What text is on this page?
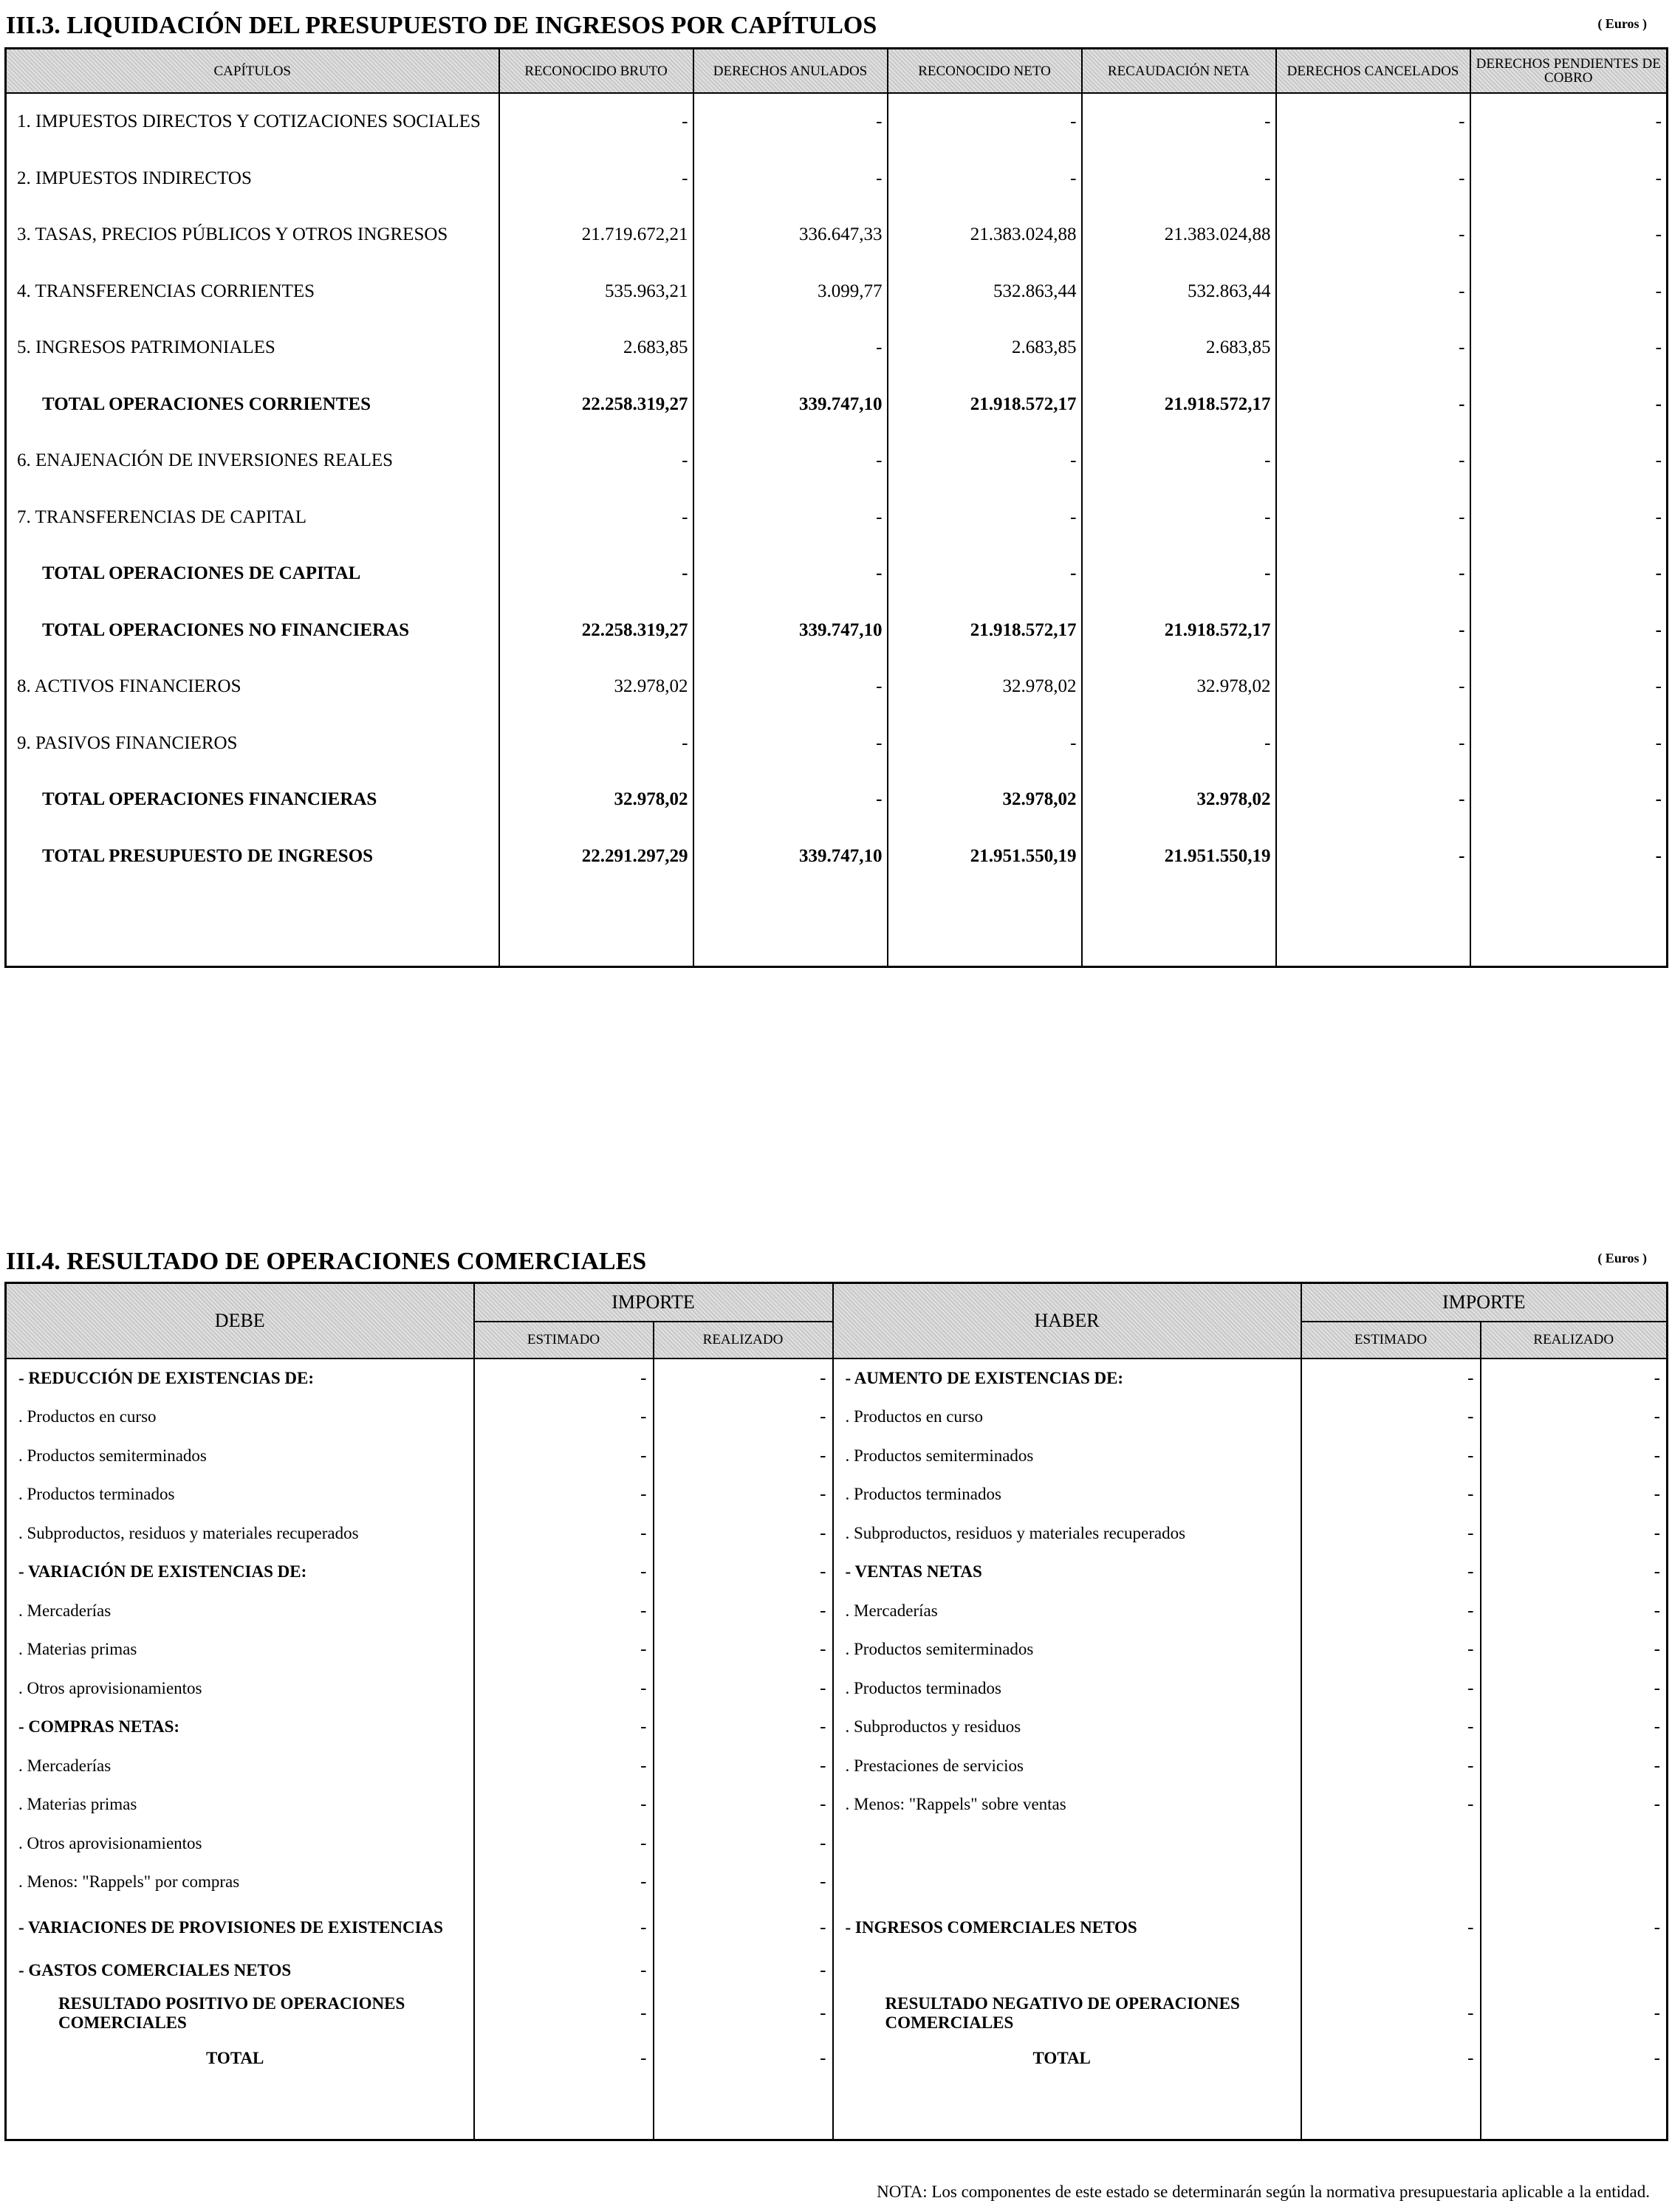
III.3. LIQUIDACIÓN DEL PRESUPUESTO DE INGRESOS POR CAPÍTULOS	( Euros )
CAPÍTULOS	RECONOCIDO BRUTO	DERECHOS ANULADOS	RECONOCIDO NETO	RECAUDACIÓN NETA	DERECHOS CANCELADOS	DERECHOS PENDIENTES DE COBRO
1. IMPUESTOS DIRECTOS Y COTIZACIONES SOCIALES	-	-	-	-	-	-
2. IMPUESTOS INDIRECTOS	-	-	-	-	-	-
3. TASAS, PRECIOS PÚBLICOS Y OTROS INGRESOS	21.719.672,21	336.647,33	21.383.024,88	21.383.024,88	-	-
4. TRANSFERENCIAS CORRIENTES	535.963,21	3.099,77	532.863,44	532.863,44	-	-
5. INGRESOS PATRIMONIALES	2.683,85	-	2.683,85	2.683,85	-	-
TOTAL OPERACIONES CORRIENTES	22.258.319,27	339.747,10	21.918.572,17	21.918.572,17	-	-
6. ENAJENACIÓN DE INVERSIONES REALES	-	-	-	-	-	-
7. TRANSFERENCIAS DE CAPITAL	-	-	-	-	-	-
TOTAL OPERACIONES DE CAPITAL	-	-	-	-	-	-
TOTAL OPERACIONES NO FINANCIERAS	22.258.319,27	339.747,10	21.918.572,17	21.918.572,17	-	-
8. ACTIVOS FINANCIEROS	32.978,02	-	32.978,02	32.978,02	-	-
9. PASIVOS FINANCIEROS	-	-	-	-	-	-
TOTAL OPERACIONES FINANCIERAS	32.978,02	-	32.978,02	32.978,02	-	-
TOTAL PRESUPUESTO DE INGRESOS	22.291.297,29	339.747,10	21.951.550,19	21.951.550,19	-	-

III.4. RESULTADO DE OPERACIONES COMERCIALES	( Euros )
DEBE	IMPORTE		HABER	IMPORTE	
	ESTIMADO	REALIZADO		ESTIMADO	REALIZADO
- REDUCCIÓN DE EXISTENCIAS DE:	-	-	- AUMENTO DE EXISTENCIAS DE:	-	-
. Productos en curso	-	-	. Productos en curso	-	-
. Productos semiterminados	-	-	. Productos semiterminados	-	-
. Productos terminados	-	-	. Productos terminados	-	-
. Subproductos, residuos y materiales recuperados	-	-	. Subproductos, residuos y materiales recuperados	-	-
- VARIACIÓN DE EXISTENCIAS DE:	-	-	- VENTAS NETAS	-	-
. Mercaderías	-	-	. Mercaderías	-	-
. Materias primas	-	-	. Productos semiterminados	-	-
. Otros aprovisionamientos	-	-	. Productos terminados	-	-
- COMPRAS NETAS:	-	-	. Subproductos y residuos	-	-
. Mercaderías	-	-	. Prestaciones de servicios	-	-
. Materias primas	-	-	. Menos: "Rappels" sobre ventas	-	-
. Otros aprovisionamientos	-	-			
. Menos: "Rappels" por compras	-	-			
- VARIACIONES DE PROVISIONES DE EXISTENCIAS	-	-	- INGRESOS COMERCIALES NETOS	-	-
- GASTOS COMERCIALES NETOS	-	-			
RESULTADO POSITIVO DE OPERACIONES COMERCIALES	-	-	RESULTADO NEGATIVO DE OPERACIONES COMERCIALES	-	-
TOTAL	-	-	TOTAL	-	-

NOTA: Los componentes de este estado se determinarán según la normativa presupuestaria aplicable a la entidad.
